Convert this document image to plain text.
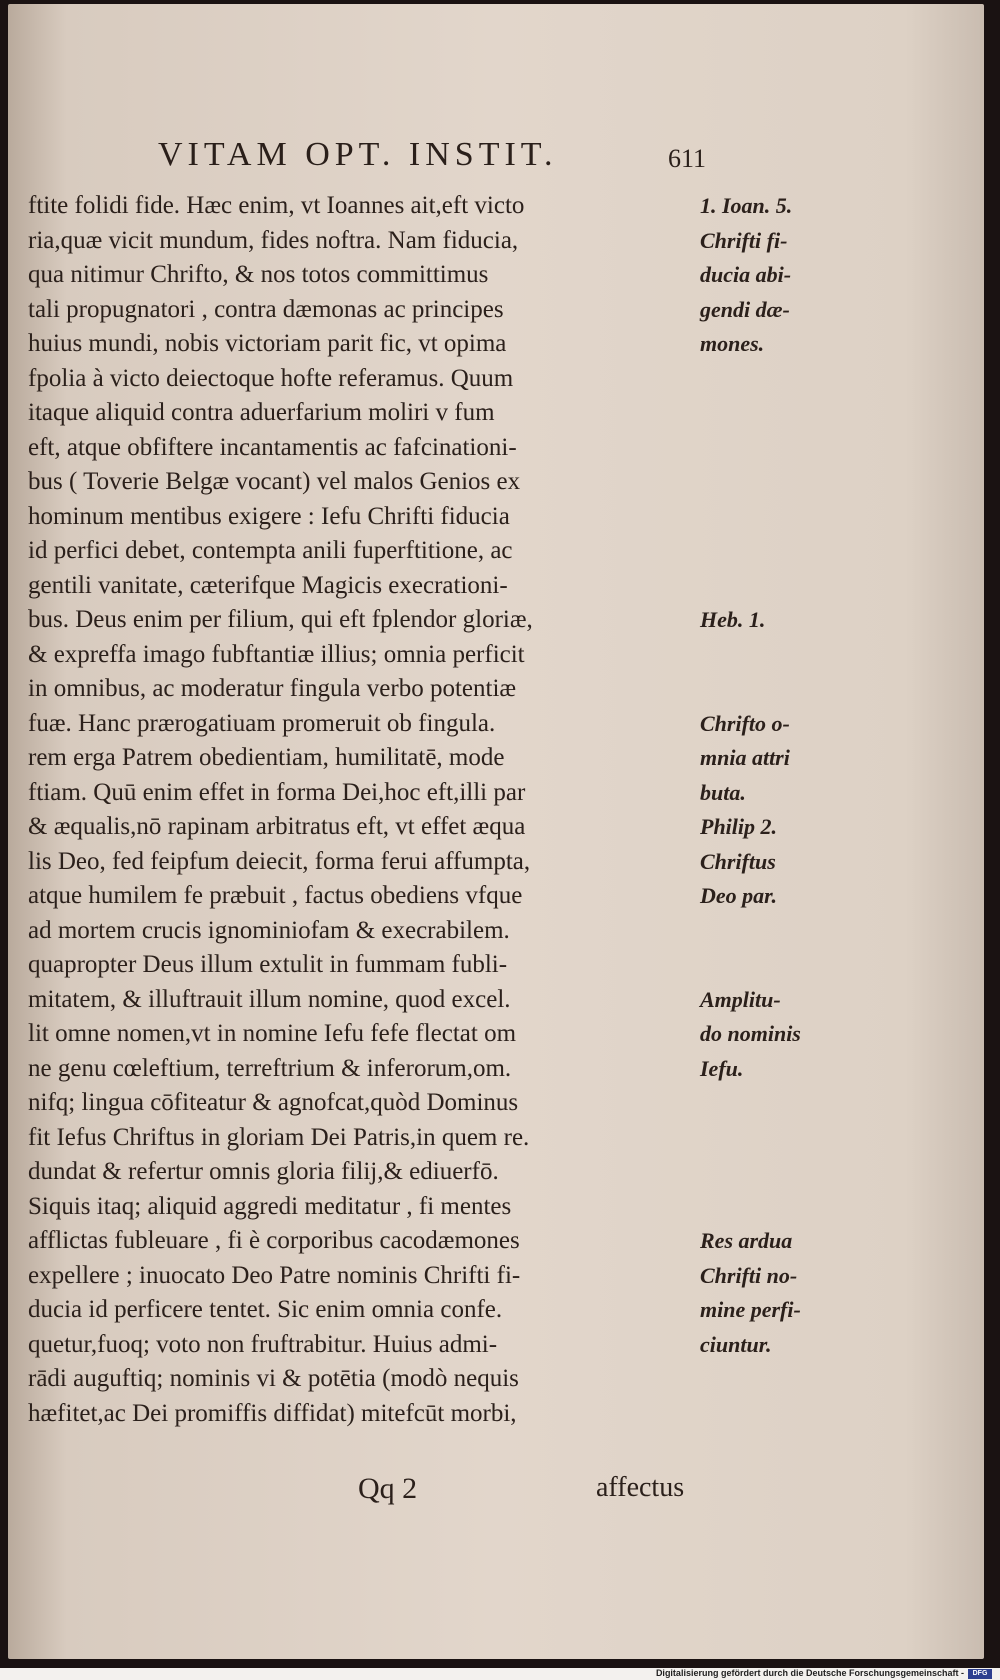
VITAM OPT. INSTIT.	611
ftite folidi fide. Hæc enim, vt Ioannes ait,eft victo
ria,quæ vicit mundum, fides noftra. Nam fiducia,
qua nitimur Chrifto, & nos totos committimus
tali propugnatori , contra dæmonas ac principes
huius mundi, nobis victoriam parit fic, vt opima
fpolia à victo deiectoque hofte referamus. Quum
itaque aliquid contra aduerfarium moliri v fum
eft, atque obfiftere incantamentis ac fafcinationi-
bus ( Toverie Belgæ vocant) vel malos Genios ex
hominum mentibus exigere : Iefu Chrifti fiducia
id perfici debet, contempta anili fuperftitione, ac
gentili vanitate, cæterifque Magicis execrationi-
bus. Deus enim per filium, qui eft fplendor gloriæ,
& expreffa imago fubftantiæ illius; omnia perficit
in omnibus, ac moderatur fingula verbo potentiæ
fuæ. Hanc prærogatiuam promeruit ob fingula.
rem erga Patrem obedientiam, humilitatē, mode
ftiam. Quū enim effet in forma Dei,hoc eft,illi par
& æqualis,nō rapinam arbitratus eft, vt effet æqua
lis Deo, fed feipfum deiecit, forma ferui affumpta,
atque humilem fe præbuit , factus obediens vfque
ad mortem crucis ignominiofam & execrabilem.
quapropter Deus illum extulit in fummam fubli-
mitatem, & illuftrauit illum nomine, quod excel.
lit omne nomen,vt in nomine Iefu fefe flectat om
ne genu cœleftium, terreftrium & inferorum,om.
nifq; lingua cōfiteatur & agnofcat,quòd Dominus
fit Iefus Chriftus in gloriam Dei Patris,in quem re.
dundat & refertur omnis gloria filij,& ediuerfō.
Siquis itaq; aliquid aggredi meditatur , fi mentes
afflictas fubleuare , fi è corporibus cacodæmones
expellere ; inuocato Deo Patre nominis Chrifti fi-
ducia id perficere tentet. Sic enim omnia confe.
quetur,fuoq; voto non fruftrabitur. Huius admi-
rādi auguftiq; nominis vi & potētia (modò nequis
hæfitet,ac Dei promiffis diffidat) mitefcūt morbi,
1. Ioan. 5.
Chrifti fi-
ducia abi-
gendi dæ-
mones.
Heb. 1.
Chrifto o-
mnia attri
buta.
Philip 2.
Chriftus
Deo par.
Amplitu-
do nominis
Iefu.
Res ardua
Chrifti no-
mine perfi-
ciuntur.
Qq 2	affectus
Digitalisierung gefördert durch die Deutsche Forschungsgemeinschaft -	DFG
